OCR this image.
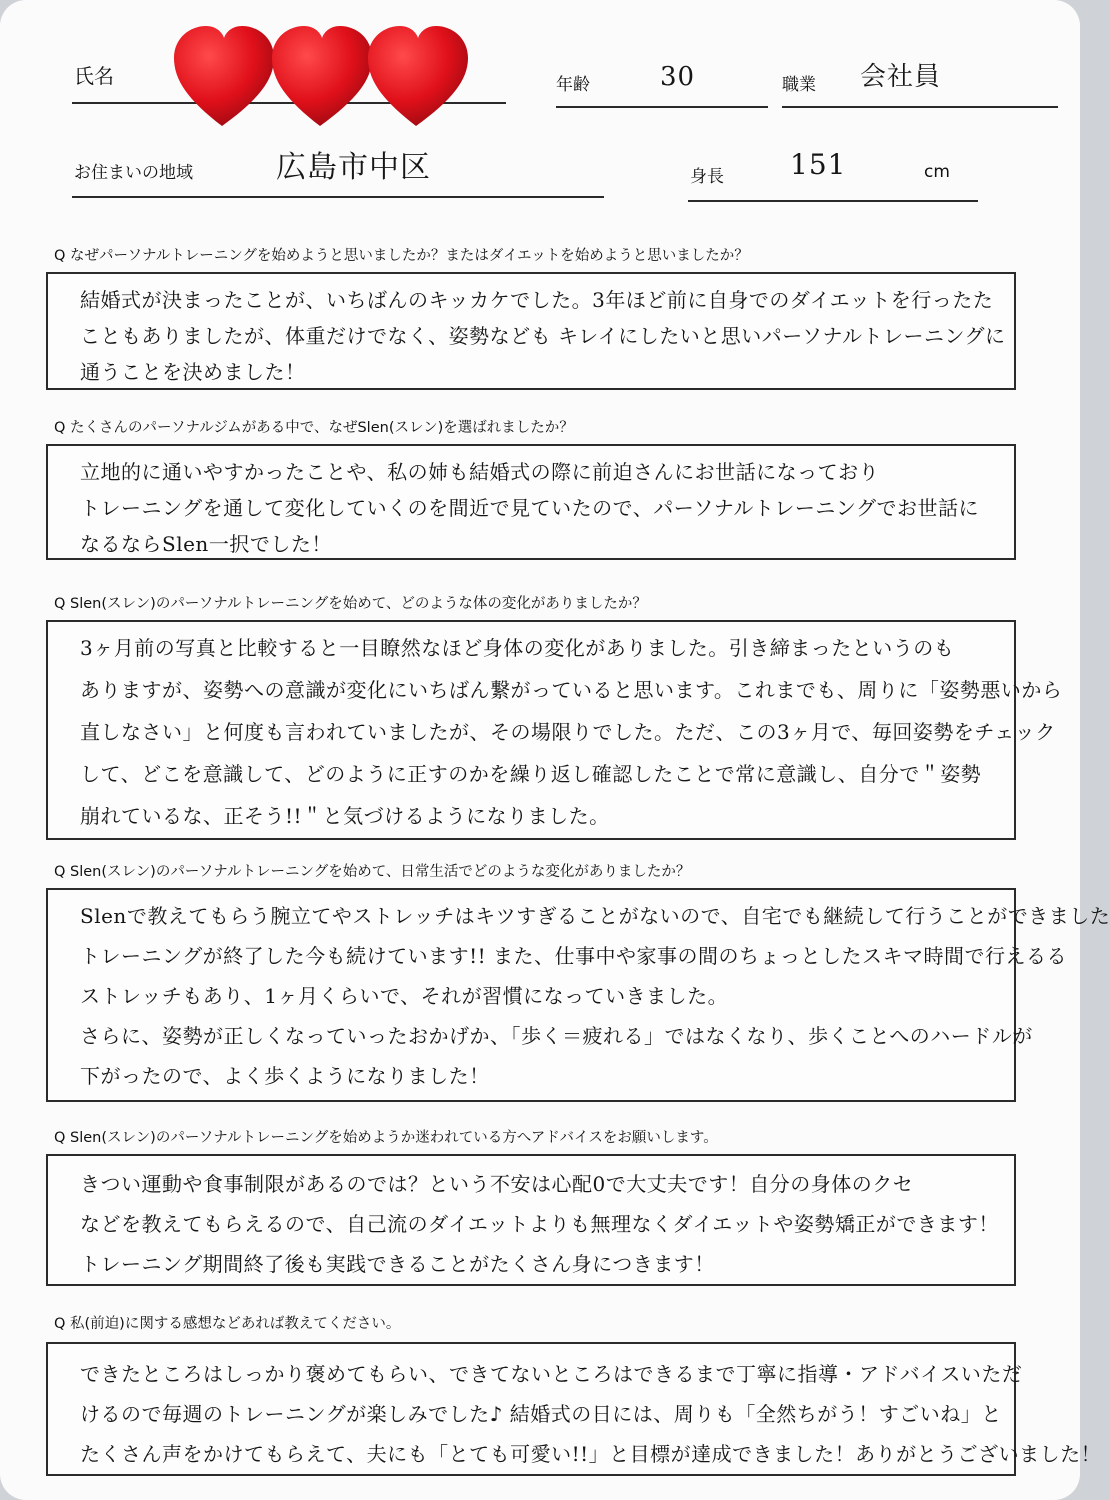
氏名	年齢	30	職業 会社員
お住まいの地域	広島市中区	身長 151	cm
Q なぜパーソナルトレーニングを始めようと思いましたか？またはダイエットを始めようと思いましたか？
結婚式が決まったことが、いちばんのキッカケでした。3年ほど前に自身でのダイエットを行ったた
こともありましたが、体重だけでなく、姿勢なども キレイにしたいと思いパーソナルトレーニングに
通うことを決めました！
Q たくさんのパーソナルジムがある中で、なぜSlen(スレン)を選ばれましたか？
立地的に通いやすかったことや、私の姉も結婚式の際に前迫さんにお世話になっており
トレーニングを通して変化していくのを間近で見ていたので、パーソナルトレーニングでお世話に
なるならSlen一択でした！
Q Slen(スレン)のパーソナルトレーニングを始めて、どのような体の変化がありましたか？
3ヶ月前の写真と比較すると一目瞭然なほど身体の変化がありました。引き締まったというのも
ありますが、姿勢への意識が変化にいちばん繋がっていると思います。これまでも、周りに「姿勢悪いから
直しなさい」と何度も言われていましたが、その場限りでした。ただ、この3ヶ月で、毎回姿勢をチェック
して、どこを意識して、どのように正すのかを繰り返し確認したことで常に意識し、自分で＂姿勢
崩れているな、正そう!!＂と気づけるようになりました。
Q Slen(スレン)のパーソナルトレーニングを始めて、日常生活でどのような変化がありましたか？
Slenで教えてもらう腕立てやストレッチはキツすぎることがないので、自宅でも継続して行うことができました
トレーニングが終了した今も続けています!! また、仕事中や家事の間のちょっとしたスキマ時間で行えるる
ストレッチもあり、1ヶ月くらいで、それが習慣になっていきました。
さらに、姿勢が正しくなっていったおかげか、「歩く＝疲れる」ではなくなり、歩くことへのハードルが
下がったので、よく歩くようになりました！
Q Slen(スレン)のパーソナルトレーニングを始めようか迷われている方へアドバイスをお願いします。
きつい運動や食事制限があるのでは？という不安は心配0で大丈夫です！自分の身体のクセ
などを教えてもらえるので、自己流のダイエットよりも無理なくダイエットや姿勢矯正ができます！
トレーニング期間終了後も実践できることがたくさん身につきます！
Q 私(前迫)に関する感想などあれば教えてください。
できたところはしっかり褒めてもらい、できてないところはできるまで丁寧に指導・アドバイスいただ
けるので毎週のトレーニングが楽しみでした♪ 結婚式の日には、周りも「全然ちがう！すごいね」と
たくさん声をかけてもらえて、夫にも「とても可愛い!!」と目標が達成できました！ありがとうございました！
